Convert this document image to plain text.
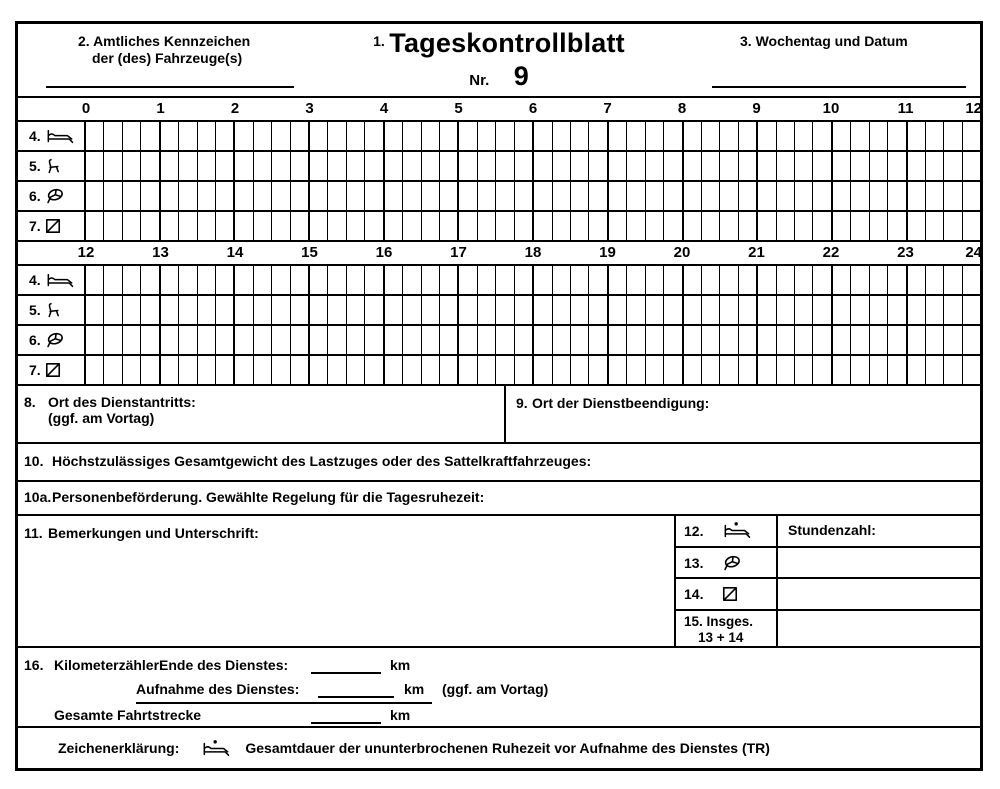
2. Amtliches Kennzeichen
der (des) Fahrzeuge(s)
1. Tageskontrollblatt
Nr. 9
3. Wochentag und Datum
0	1	2	3	4	5	6	7	8	9	10	11	12
4.
5.
6.
7.
12	13	14	15	16	17	18	19	20	21	22	23	24
4.
5.
6.
7.
8. Ort des Dienstantritts:
(ggf. am Vortag)
9. Ort der Dienstbeendigung:
10. Höchstzulässiges Gesamtgewicht des Lastzuges oder des Sattelkraftfahrzeuges:
10a. Personenbeförderung. Gewählte Regelung für die Tagesruhezeit:
11. Bemerkungen und Unterschrift:	12.	Stundenzahl:
13.
14.
15. Insges.
13 + 14
16. Kilometerzähler:
Ende des Dienstes:	km
Aufnahme des Dienstes:	km (ggf. am Vortag)
Gesamte Fahrtstrecke	km
Zeichenerklärung:	Gesamtdauer der ununterbrochenen Ruhezeit vor Aufnahme des Dienstes (TR)
